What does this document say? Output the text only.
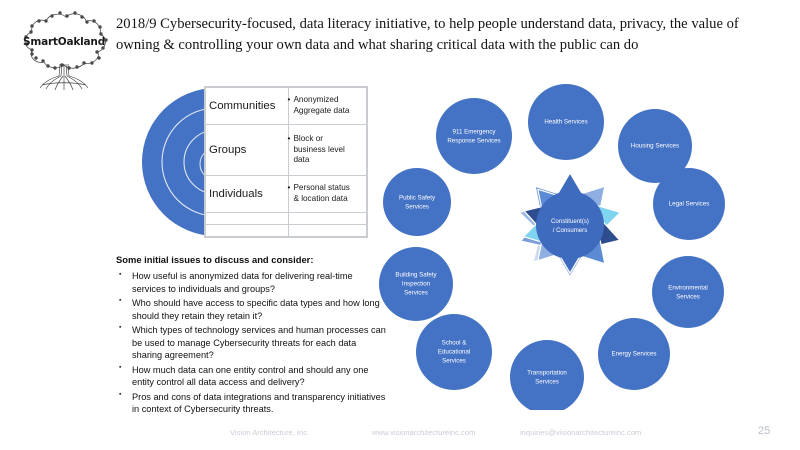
SmartOakland
2018/9 Cybersecurity-focused, data literacy initiative, to help people understand data, privacy, the value of owning & controlling your own data and what sharing critical data with the public can do
Communities	• Anonymized Aggregate data
Groups	• Block or business level data
Individuals	• Personal status & location data

Some initial issues to discuss and consider:
▪ How useful is anonymized data for delivering real-time services to individuals and groups?
▪ Who should have access to specific data types and how long should they retain they retain it?
▪ Which types of technology services and human processes can be used to manage Cybersecurity threats for each data sharing agreement?
▪ How much data can one entity control and should any one entity control all data access and delivery?
▪ Pros and cons of data integrations and transparency initiatives in context of Cybersecurity threats.
Health Services
Housing Services
Legal Services
Environmental
Services
Energy Services
Transportation
Services
School &
Educational
Services
Building Safety
Inspection
Services
Public Safety
Services
911 Emergency
Response Services
Constituent(s)
/ Consumers
Vision Architecture, Inc.	www.visionarchitectureinc.com	inquiries@visionarchitectureinc.com	25
